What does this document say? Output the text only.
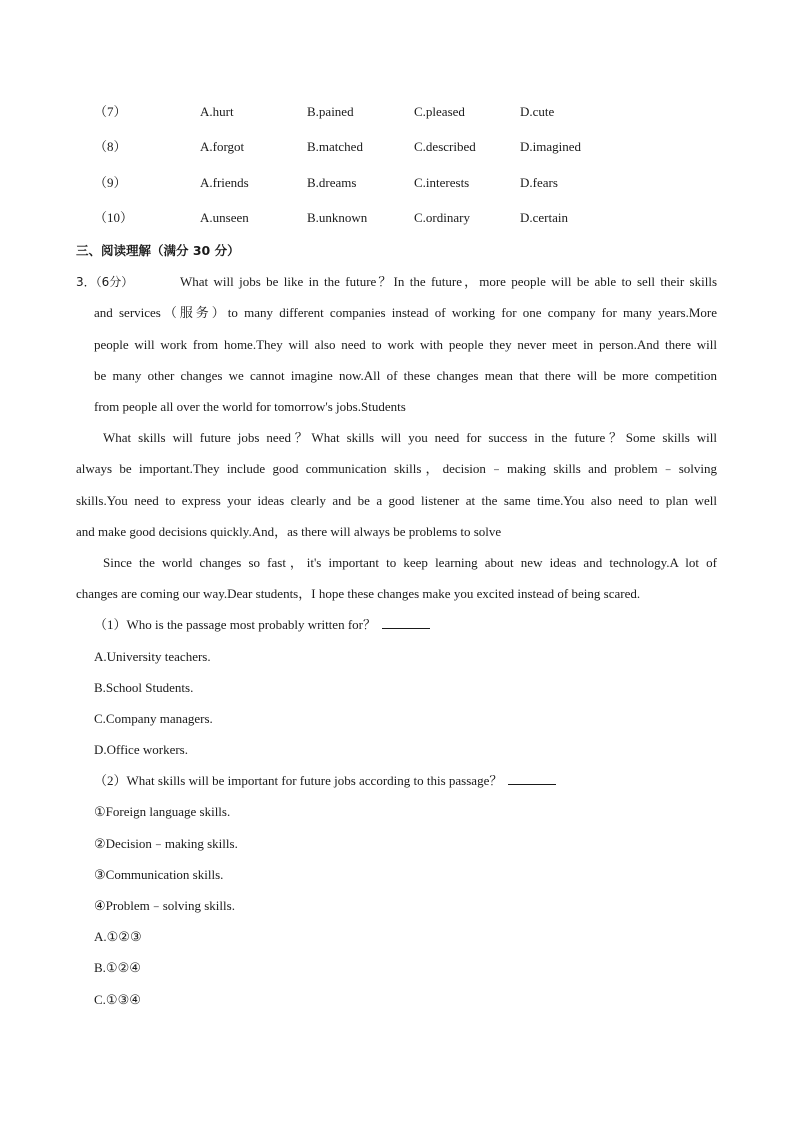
（7）	A.hurt	B.pained	C.pleased	D.cute
（8）	A.forgot	B.matched	C.described	D.imagined
（9）	A.friends	B.dreams	C.interests	D.fears
（10）	A.unseen	B.unknown	C.ordinary	D.certain
三、阅读理解（满分 30 分）
3．（6分）	What will jobs be like in the future？In the future，more people will be able to sell their skills
and services（服务）to many different companies instead of working for one company for many years.More
people will work from home.They will also need to work with people they never meet in person.And there will
be many other changes we cannot imagine now.All of these changes mean that there will be more competition
from people all over the world for tomorrow's jobs.Students
What skills will future jobs need？What skills will you need for success in the future？Some skills will
always be important.They include good communication skills，decision﹣making skills and problem﹣solving
skills.You need to express your ideas clearly and be a good listener at the same time.You also need to plan well
and make good decisions quickly.And，as there will always be problems to solve
Since the world changes so fast，it's important to keep learning about new ideas and technology.A lot of
changes are coming our way.Dear students，I hope these changes make you excited instead of being scared.
（1）Who is the passage most probably written for？
A.University teachers.
B.School Students.
C.Company managers.
D.Office workers.
（2）What skills will be important for future jobs according to this passage？
①Foreign language skills.
②Decision﹣making skills.
③Communication skills.
④Problem﹣solving skills.
A.①②③
B.①②④
C.①③④
